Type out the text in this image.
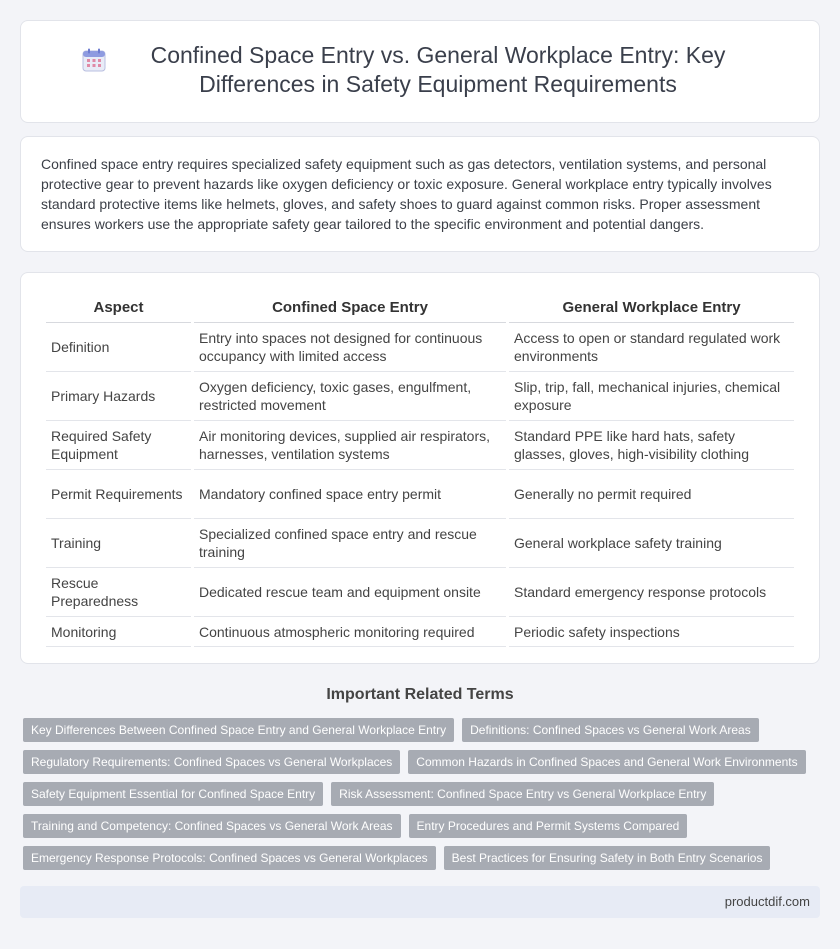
Confined Space Entry vs. General Workplace Entry: Key Differences in Safety Equipment Requirements

Confined space entry requires specialized safety equipment such as gas detectors, ventilation systems, and personal protective gear to prevent hazards like oxygen deficiency or toxic exposure. General workplace entry typically involves standard protective items like helmets, gloves, and safety shoes to guard against common risks. Proper assessment ensures workers use the appropriate safety gear tailored to the specific environment and potential dangers.

Aspect	Confined Space Entry	General Workplace Entry
Definition	Entry into spaces not designed for continuous occupancy with limited access	Access to open or standard regulated work environments
Primary Hazards	Oxygen deficiency, toxic gases, engulfment, restricted movement	Slip, trip, fall, mechanical injuries, chemical exposure
Required Safety Equipment	Air monitoring devices, supplied air respirators, harnesses, ventilation systems	Standard PPE like hard hats, safety glasses, gloves, high-visibility clothing
Permit Requirements	Mandatory confined space entry permit	Generally no permit required
Training	Specialized confined space entry and rescue training	General workplace safety training
Rescue Preparedness	Dedicated rescue team and equipment onsite	Standard emergency response protocols
Monitoring	Continuous atmospheric monitoring required	Periodic safety inspections
Important Related Terms
Key Differences Between Confined Space Entry and General Workplace Entry	Definitions: Confined Spaces vs General Work Areas
Regulatory Requirements: Confined Spaces vs General Workplaces	Common Hazards in Confined Spaces and General Work Environments
Safety Equipment Essential for Confined Space Entry	Risk Assessment: Confined Space Entry vs General Workplace Entry
Training and Competency: Confined Spaces vs General Work Areas	Entry Procedures and Permit Systems Compared
Emergency Response Protocols: Confined Spaces vs General Workplaces	Best Practices for Ensuring Safety in Both Entry Scenarios
productdif.com
